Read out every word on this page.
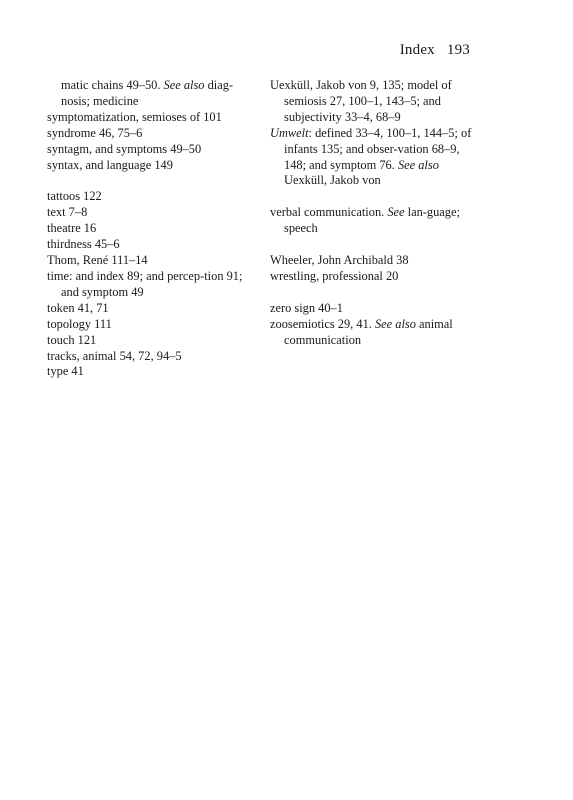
Index 193

matic chains 49–50. See also diag-nosis; medicine

symptomatization, semioses of 101

syndrome 46, 75–6

syntagm, and symptoms 49–50

syntax, and language 149

tattoos 122

text 7–8

theatre 16

thirdness 45–6

Thom, René 111–14

time: and index 89; and percep-tion 91; and symptom 49

token 41, 71

topology 111

touch 121

tracks, animal 54, 72, 94–5

type 41

Uexküll, Jakob von 9, 135; model of semiosis 27, 100–1, 143–5; and subjectivity 33–4, 68–9

Umwelt: defined 33–4, 100–1, 144–5; of infants 135; and obser-vation 68–9, 148; and symptom 76. See also Uexküll, Jakob von

verbal communication. See lan-guage; speech

Wheeler, John Archibald 38

wrestling, professional 20

zero sign 40–1

zoosemiotics 29, 41. See also animal communication
